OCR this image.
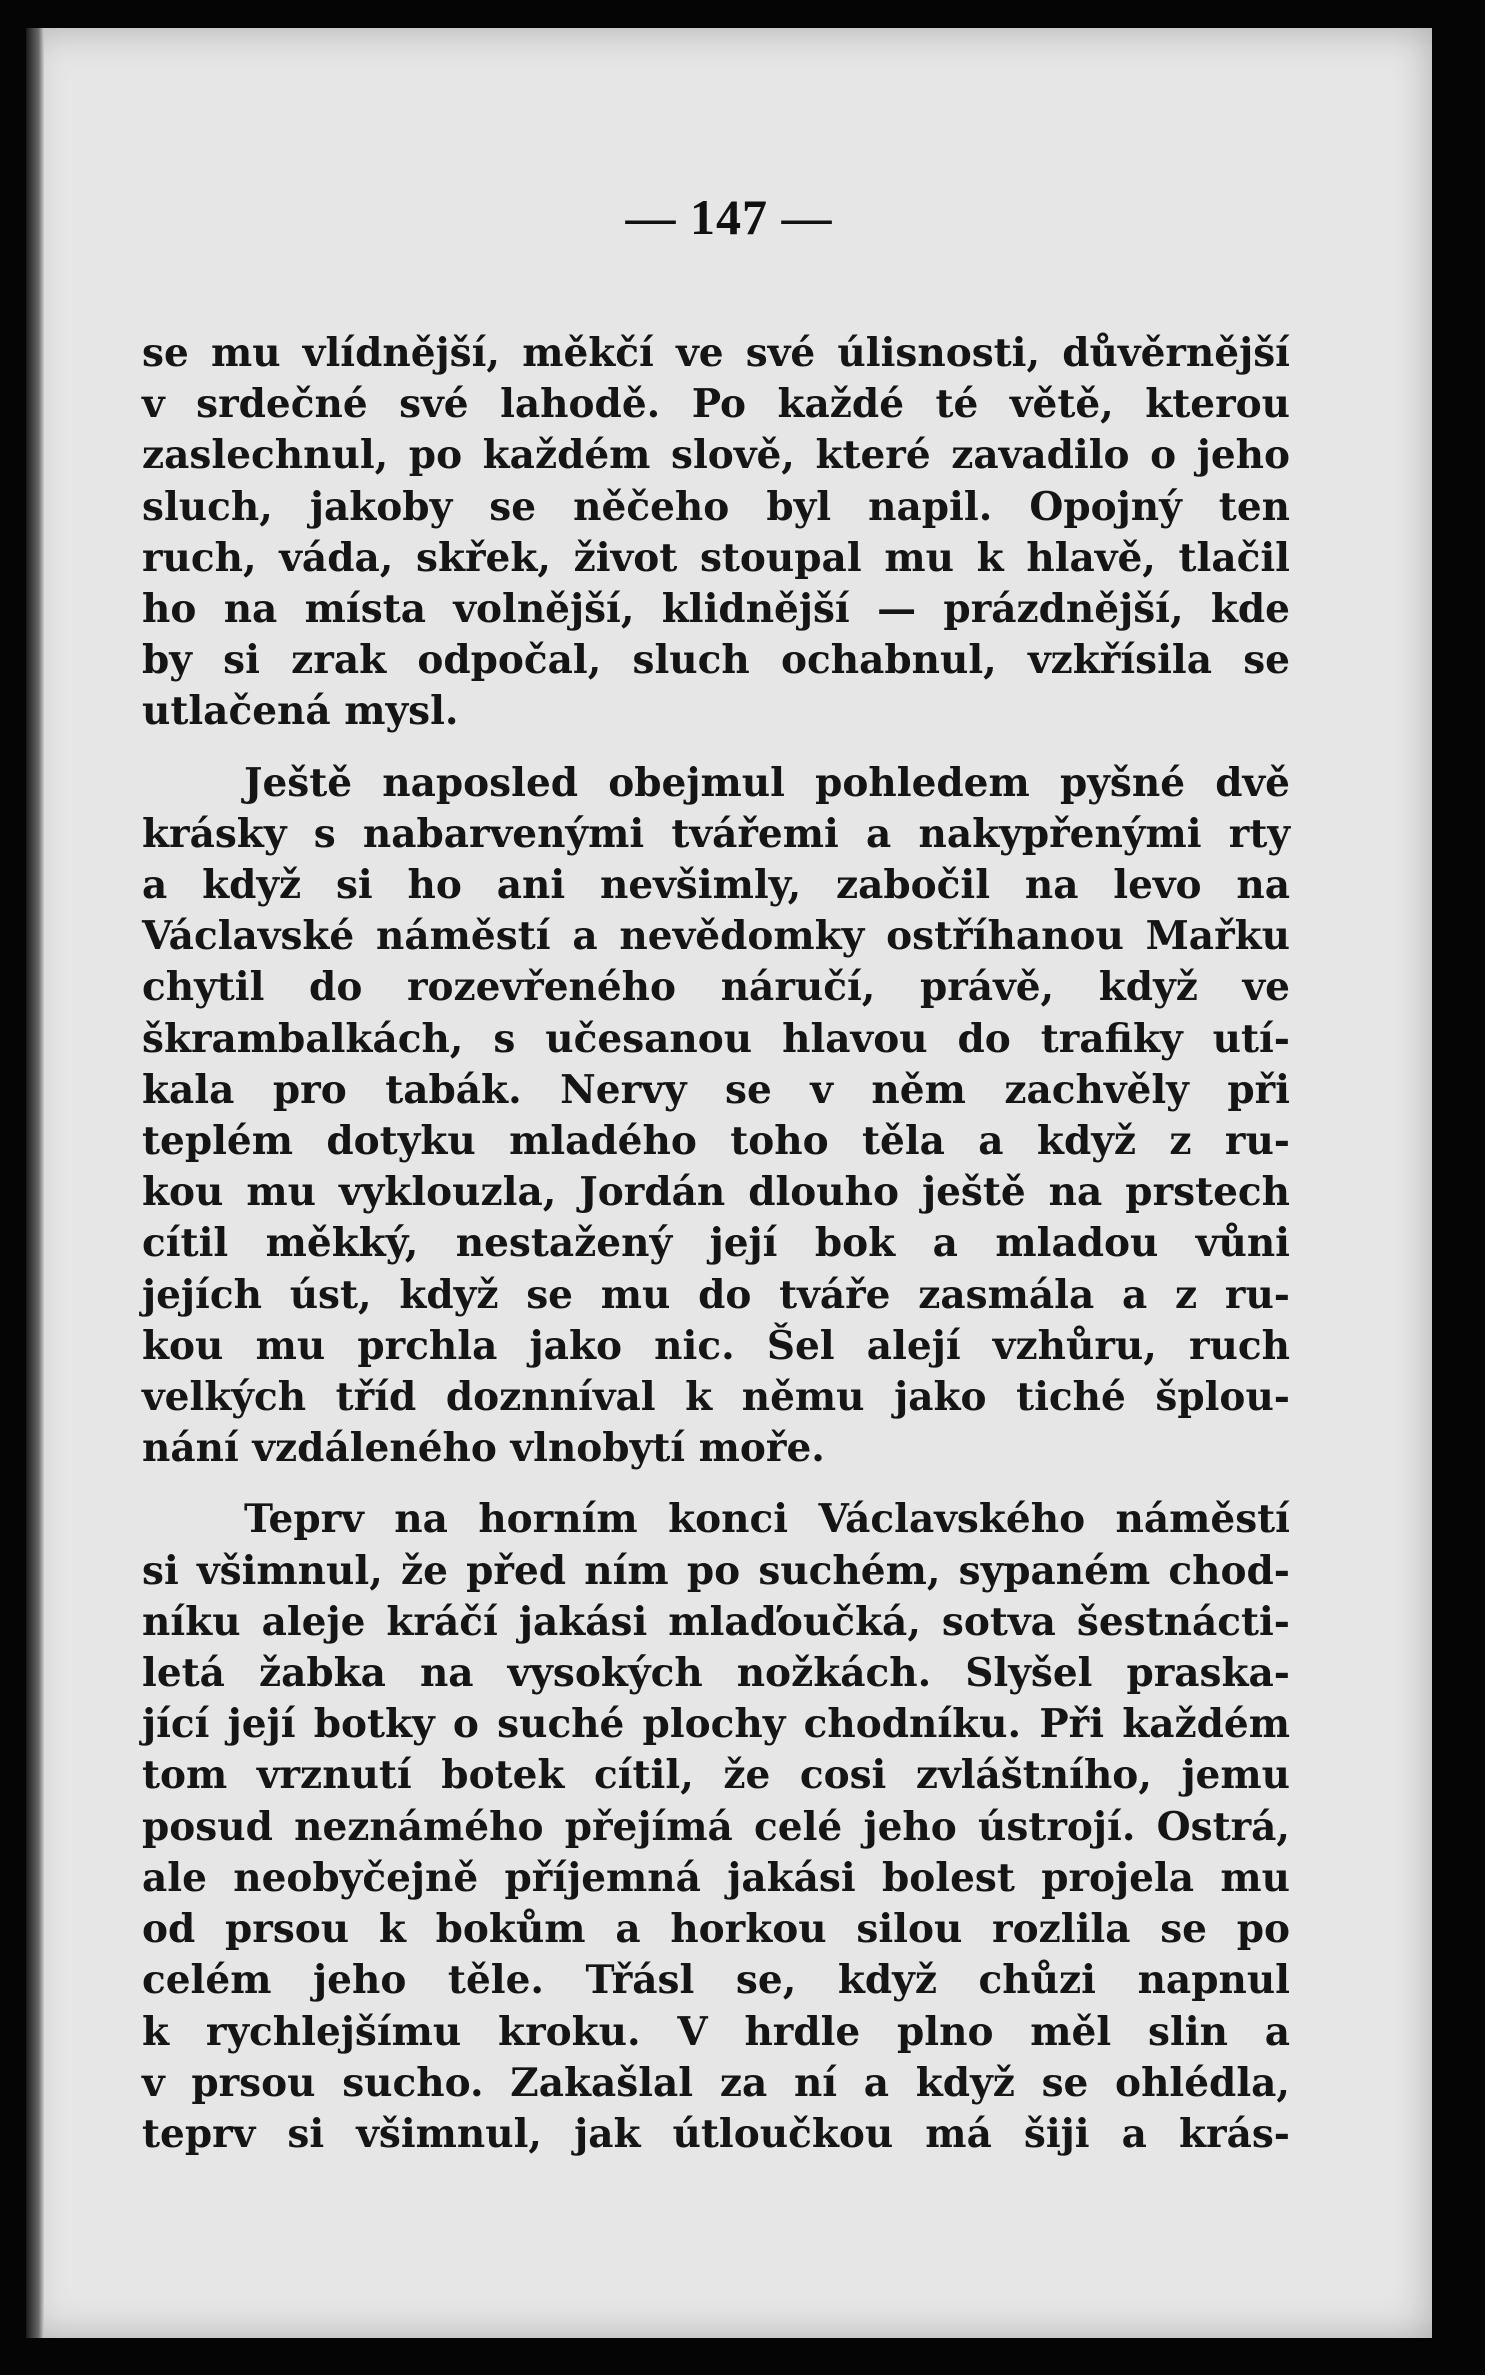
— 147 —
se mu vlídnější, měkčí ve své úlisnosti, důvěrnější
v srdečné své lahodě. Po každé té větě, kterou
zaslechnul, po každém slově, které zavadilo o jeho
sluch, jakoby se něčeho byl napil. Opojný ten
ruch, váda, skřek, život stoupal mu k hlavě, tlačil
ho na místa volnější, klidnější — prázdnější, kde
by si zrak odpočal, sluch ochabnul, vzkřísila se
utlačená mysl.
Ještě naposled obejmul pohledem pyšné dvě
krásky s nabarvenými tvářemi a nakypřenými rty
a když si ho ani nevšimly, zabočil na levo na
Václavské náměstí a nevědomky ostříhanou Mařku
chytil do rozevřeného náručí, právě, když ve
škrambalkách, s učesanou hlavou do trafiky utí-
kala pro tabák. Nervy se v něm zachvěly při
teplém dotyku mladého toho těla a když z ru-
kou mu vyklouzla, Jordán dlouho ještě na prstech
cítil měkký, nestažený její bok a mladou vůni
jejích úst, když se mu do tváře zasmála a z ru-
kou mu prchla jako nic. Šel alejí vzhůru, ruch
velkých tříd doznníval k němu jako tiché šplou-
nání vzdáleného vlnobytí moře.
Teprv na horním konci Václavského náměstí
si všimnul, že před ním po suchém, sypaném chod-
níku aleje kráčí jakási mlaďoučká, sotva šestnácti-
letá žabka na vysokých nožkách. Slyšel praska-
jící její botky o suché plochy chodníku. Při každém
tom vrznutí botek cítil, že cosi zvláštního, jemu
posud neznámého přejímá celé jeho ústrojí. Ostrá,
ale neobyčejně příjemná jakási bolest projela mu
od prsou k bokům a horkou silou rozlila se po
celém jeho těle. Třásl se, když chůzi napnul
k rychlejšímu kroku. V hrdle plno měl slin a
v prsou sucho. Zakašlal za ní a když se ohlédla,
teprv si všimnul, jak útloučkou má šiji a krás-
